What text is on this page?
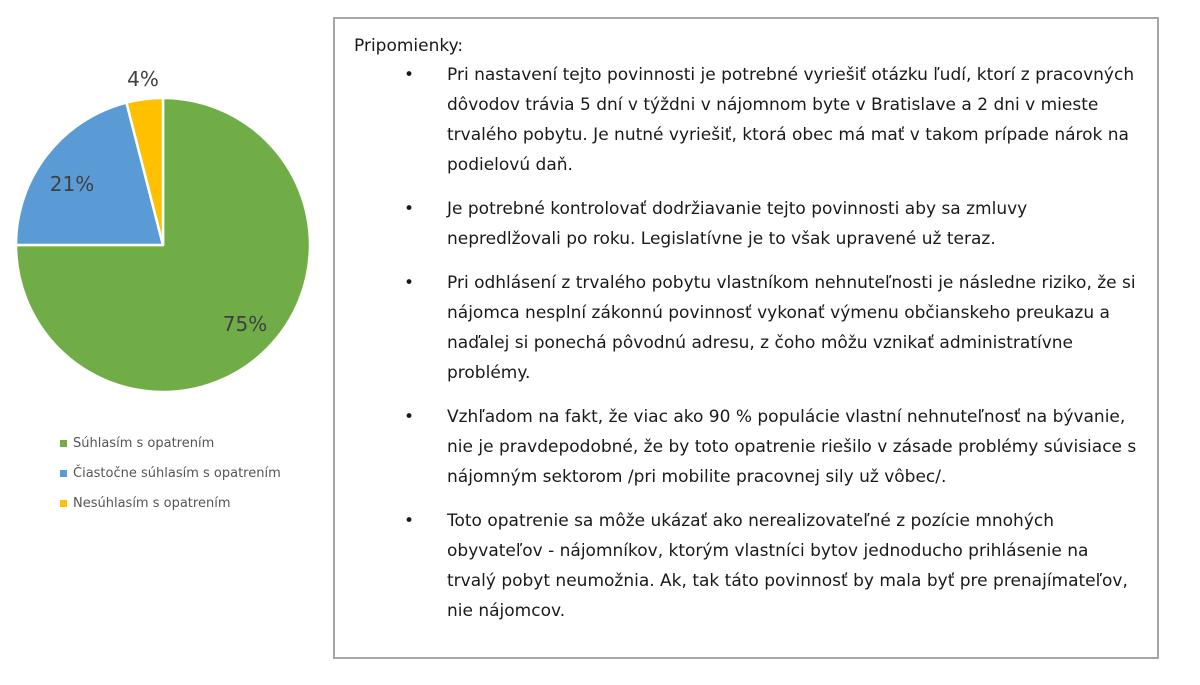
75%
21%
4%
Súhlasím s opatrením
Čiastočne súhlasím s opatrením
Nesúhlasím s opatrením
Pripomienky:
• Pri nastavení tejto povinnosti je potrebné vyriešiť otázku ľudí, ktorí z pracovných dôvodov trávia 5 dní v týždni v nájomnom byte v Bratislave a 2 dni v mieste trvalého pobytu. Je nutné vyriešiť, ktorá obec má mať v takom prípade nárok na podielovú daň.
• Je potrebné kontrolovať dodržiavanie tejto povinnosti aby sa zmluvy nepredlžovali po roku. Legislatívne je to však upravené už teraz.
• Pri odhlásení z trvalého pobytu vlastníkom nehnuteľnosti je následne riziko, že si nájomca nesplní zákonnú povinnosť vykonať výmenu občianskeho preukazu a naďalej si ponechá pôvodnú adresu, z čoho môžu vznikať administratívne problémy.
• Vzhľadom na fakt, že viac ako 90 % populácie vlastní nehnuteľnosť na bývanie, nie je pravdepodobné, že by toto opatrenie riešilo v zásade problémy súvisiace s nájomným sektorom /pri mobilite pracovnej sily už vôbec/.
• Toto opatrenie sa môže ukázať ako nerealizovateľné z pozície mnohých obyvateľov - nájomníkov, ktorým vlastníci bytov jednoducho prihlásenie na trvalý pobyt neumožnia. Ak, tak táto povinnosť by mala byť pre prenajímateľov, nie nájomcov.
